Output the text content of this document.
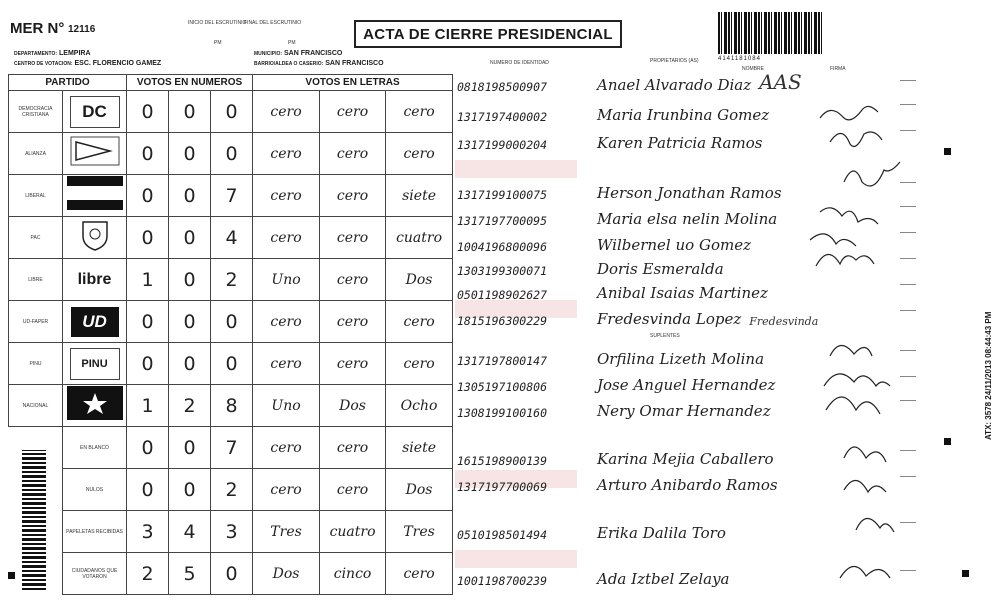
MER N° 12116
INICIO DEL ESCRUTINIO
FINAL DEL ESCRUTINIO
PM	PM
DEPARTAMENTO: LEMPIRA
CENTRO DE VOTACION: ESC. FLORENCIO GAMEZ
MUNICIPIO: SAN FRANCISCO
BARRIO/ALDEA O CASERIO: SAN FRANCISCO
ACTA DE CIERRE PRESIDENCIAL
4141181084
PARTIDO		VOTOS EN NUMEROS			VOTOS EN LETRAS		
DEMOCRACIA CRISTIANA	DC	0	0	0	cero	cero	cero
ALIANZA		0	0	0	cero	cero	cero
LIBERAL		0	0	7	cero	cero	siete
PAC		0	0	4	cero	cero	cuatro
LIBRE	libre	1	0	2	Uno	cero	Dos
UD-FAPER	UD	0	0	0	cero	cero	cero
PINU	PINU	0	0	0	cero	cero	cero
NACIONAL		1	2	8	Uno	Dos	Ocho
	EN BLANCO	0	0	7	cero	cero	siete
	NULOS	0	0	2	cero	cero	Dos
	PAPELETAS RECIBIDAS	3	4	3	Tres	cuatro	Tres
	CIUDADANOS QUE VOTARON	2	5	0	Dos	cinco	cero
NUMERO DE IDENTIDAD	PROPIETARIOS (AS)
NOMBRE	FIRMA
SUPLENTES
0818198500907	Anael Alvarado Diaz AAS
1317197400002	Maria Irunbina Gomez
1317199000204	Karen Patricia Ramos
1317199100075	Herson Jonathan Ramos
1317197700095	Maria elsa nelin Molina
1004196800096	Wilbernel uo Gomez
1303199300071	Doris Esmeralda
0501198902627	Anibal Isaias Martinez
1815196300229	Fredesvinda Lopez Fredesvinda
1317197800147	Orfilina Lizeth Molina
1305197100806	Jose Anguel Hernandez
1308199100160	Nery Omar Hernandez
1615198900139	Karina Mejia Caballero
1317197700069	Arturo Anibardo Ramos
0510198501494	Erika Dalila Toro
1001198700239	Ada Iztbel Zelaya
ATX: 3578 24/11/2013 08:44:43 PM
